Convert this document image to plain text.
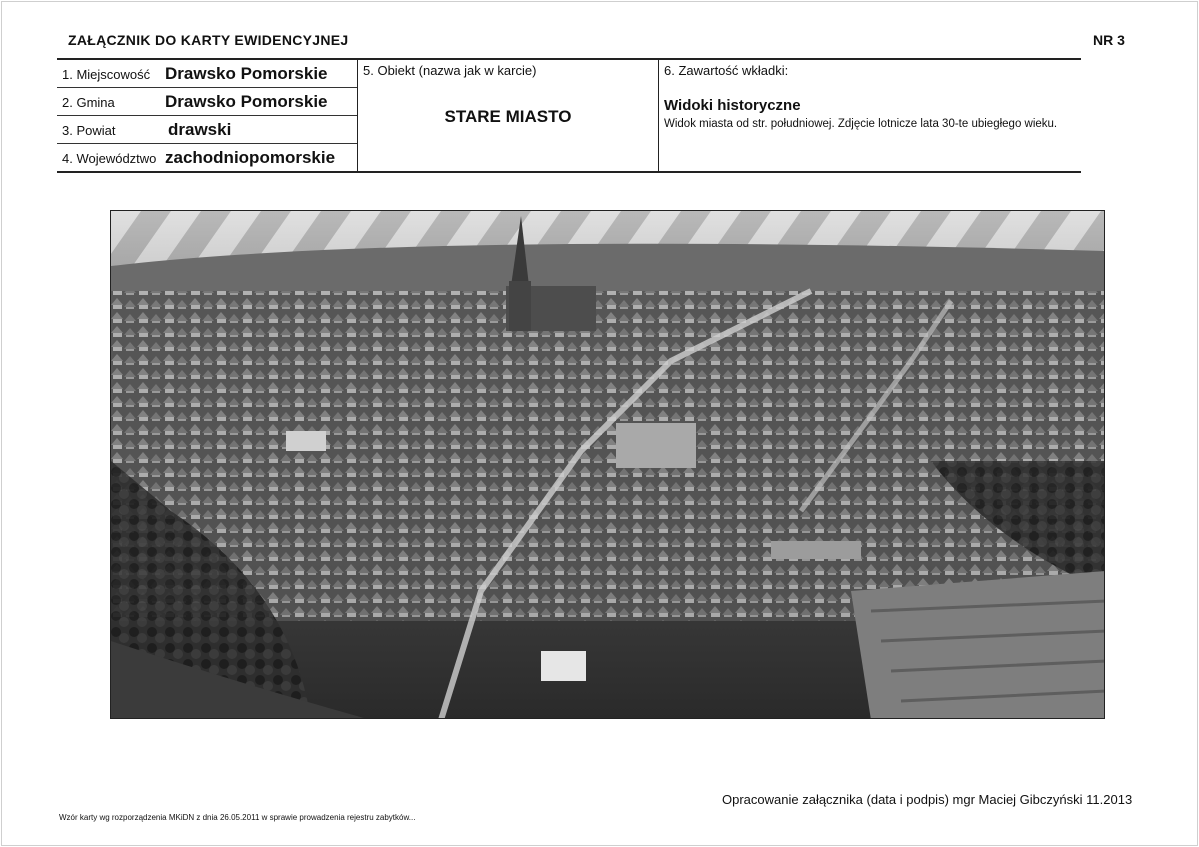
ZAŁĄCZNIK DO KARTY EWIDENCYJNEJ	NR 3
1. Miejscowość Drawsko Pomorskie
2. Gmina	Drawsko Pomorskie
3. Powiat	drawski
4. Województwo zachodniopomorskie
5. Obiekt (nazwa jak w karcie)
STARE MIASTO
6. Zawartość wkładki:
Widoki historyczne
Widok miasta od str. południowej. Zdjęcie lotnicze lata 30-te ubiegłego wieku.
Opracowanie załącznika (data i podpis) mgr Maciej Gibczyński 11.2013
Wzór karty wg rozporządzenia MKiDN z dnia 26.05.2011 w sprawie prowadzenia rejestru zabytków...
